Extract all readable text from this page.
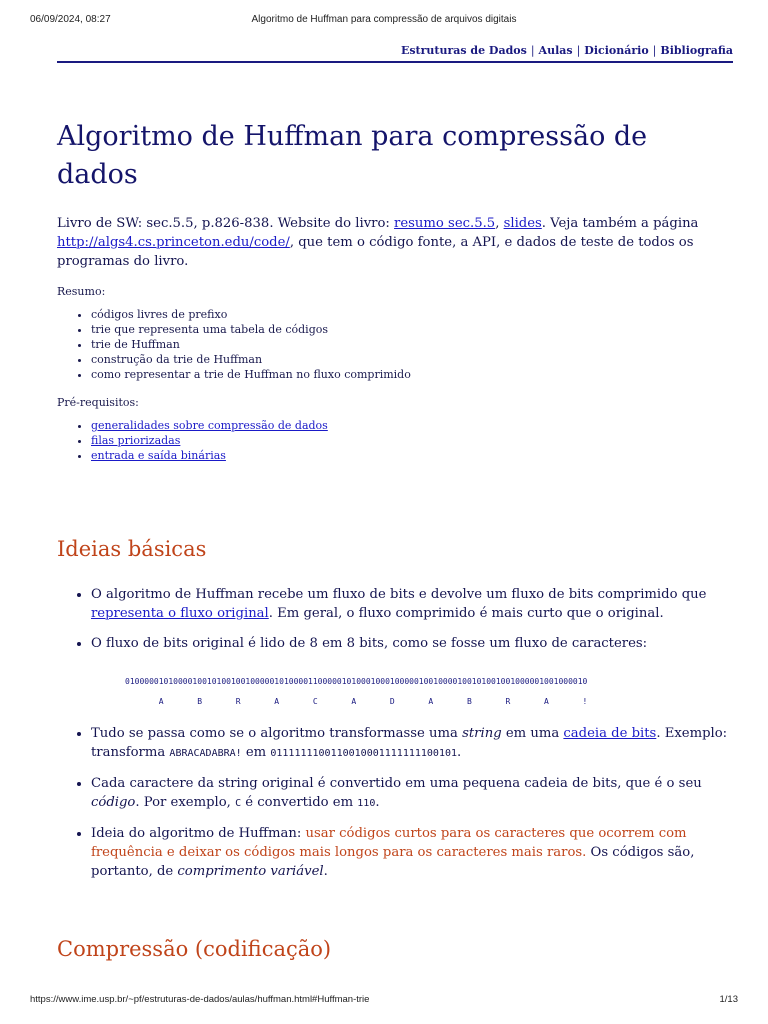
06/09/2024, 08:27	Algoritmo de Huffman para compressão de arquivos digitais
Estruturas de Dados | Aulas | Dicionário | Bibliografia
Algoritmo de Huffman para compressão de dados

Livro de SW: sec.5.5, p.826-838. Website do livro: resumo sec.5.5, slides. Veja também a página http://algs4.cs.princeton.edu/code/, que tem o código fonte, a API, e dados de teste de todos os programas do livro.

Resumo:

• códigos livres de prefixo
• trie que representa uma tabela de códigos
• trie de Huffman
• construção da trie de Huffman
• como representar a trie de Huffman no fluxo comprimido

Pré-requisitos:

• generalidades sobre compressão de dados
• filas priorizadas
• entrada e saída binárias
Ideias básicas
• O algoritmo de Huffman recebe um fluxo de bits e devolve um fluxo de bits comprimido que representa o fluxo original. Em geral, o fluxo comprimido é mais curto que o original.
• O fluxo de bits original é lido de 8 em 8 bits, como se fosse um fluxo de caracteres:
010000010100001001010010010000010100001100000101000100010000010010000100101001001000001001000010
A       B       R       A       C       A       D       A       B       R       A       !
• Tudo se passa como se o algoritmo transformasse uma string em uma cadeia de bits. Exemplo: transforma ABRACADABRA! em 0111111100110010001111111100101.
• Cada caractere da string original é convertido em uma pequena cadeia de bits, que é o seu código. Por exemplo, C é convertido em 110.
• Ideia do algoritmo de Huffman: usar códigos curtos para os caracteres que ocorrem com frequência e deixar os códigos mais longos para os caracteres mais raros. Os códigos são, portanto, de comprimento variável.
Compressão (codificação)
https://www.ime.usp.br/~pf/estruturas-de-dados/aulas/huffman.html#Huffman-trie	1/13
